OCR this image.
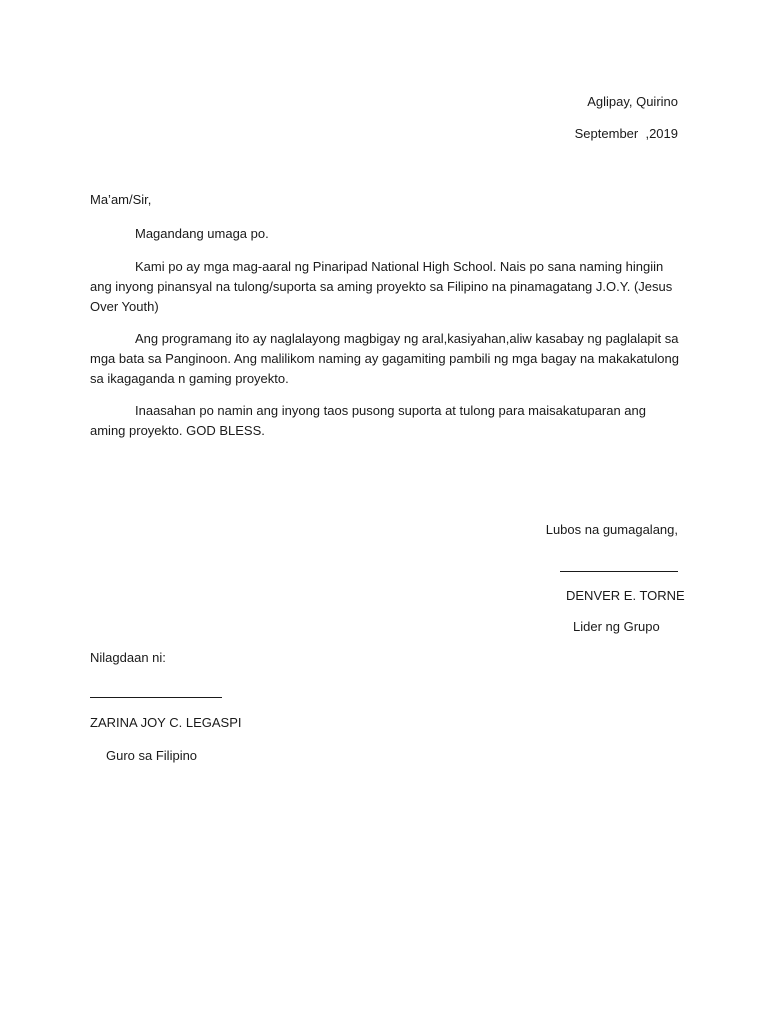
Aglipay, Quirino
September  ,2019
Ma’am/Sir,
Magandang umaga po.

Kami po ay mga mag-aaral ng Pinaripad National High School. Nais po sana naming hingiin ang inyong pinansyal na tulong/suporta sa aming proyekto sa Filipino na pinamagatang J.O.Y. (Jesus Over Youth)

Ang programang ito ay naglalayong magbigay ng aral,kasiyahan,aliw kasabay ng paglalapit sa mga bata sa Panginoon. Ang malilikom naming ay gagamiting pambili ng mga bagay na makakatulong sa ikagaganda n gaming proyekto.

Inaasahan po namin ang inyong taos pusong suporta at tulong para maisakatuparan ang aming proyekto. GOD BLESS.

Lubos na gumagalang,
DENVER E. TORNE
Lider ng Grupo
Nilagdaan ni:
ZARINA JOY C. LEGASPI
Guro sa Filipino
